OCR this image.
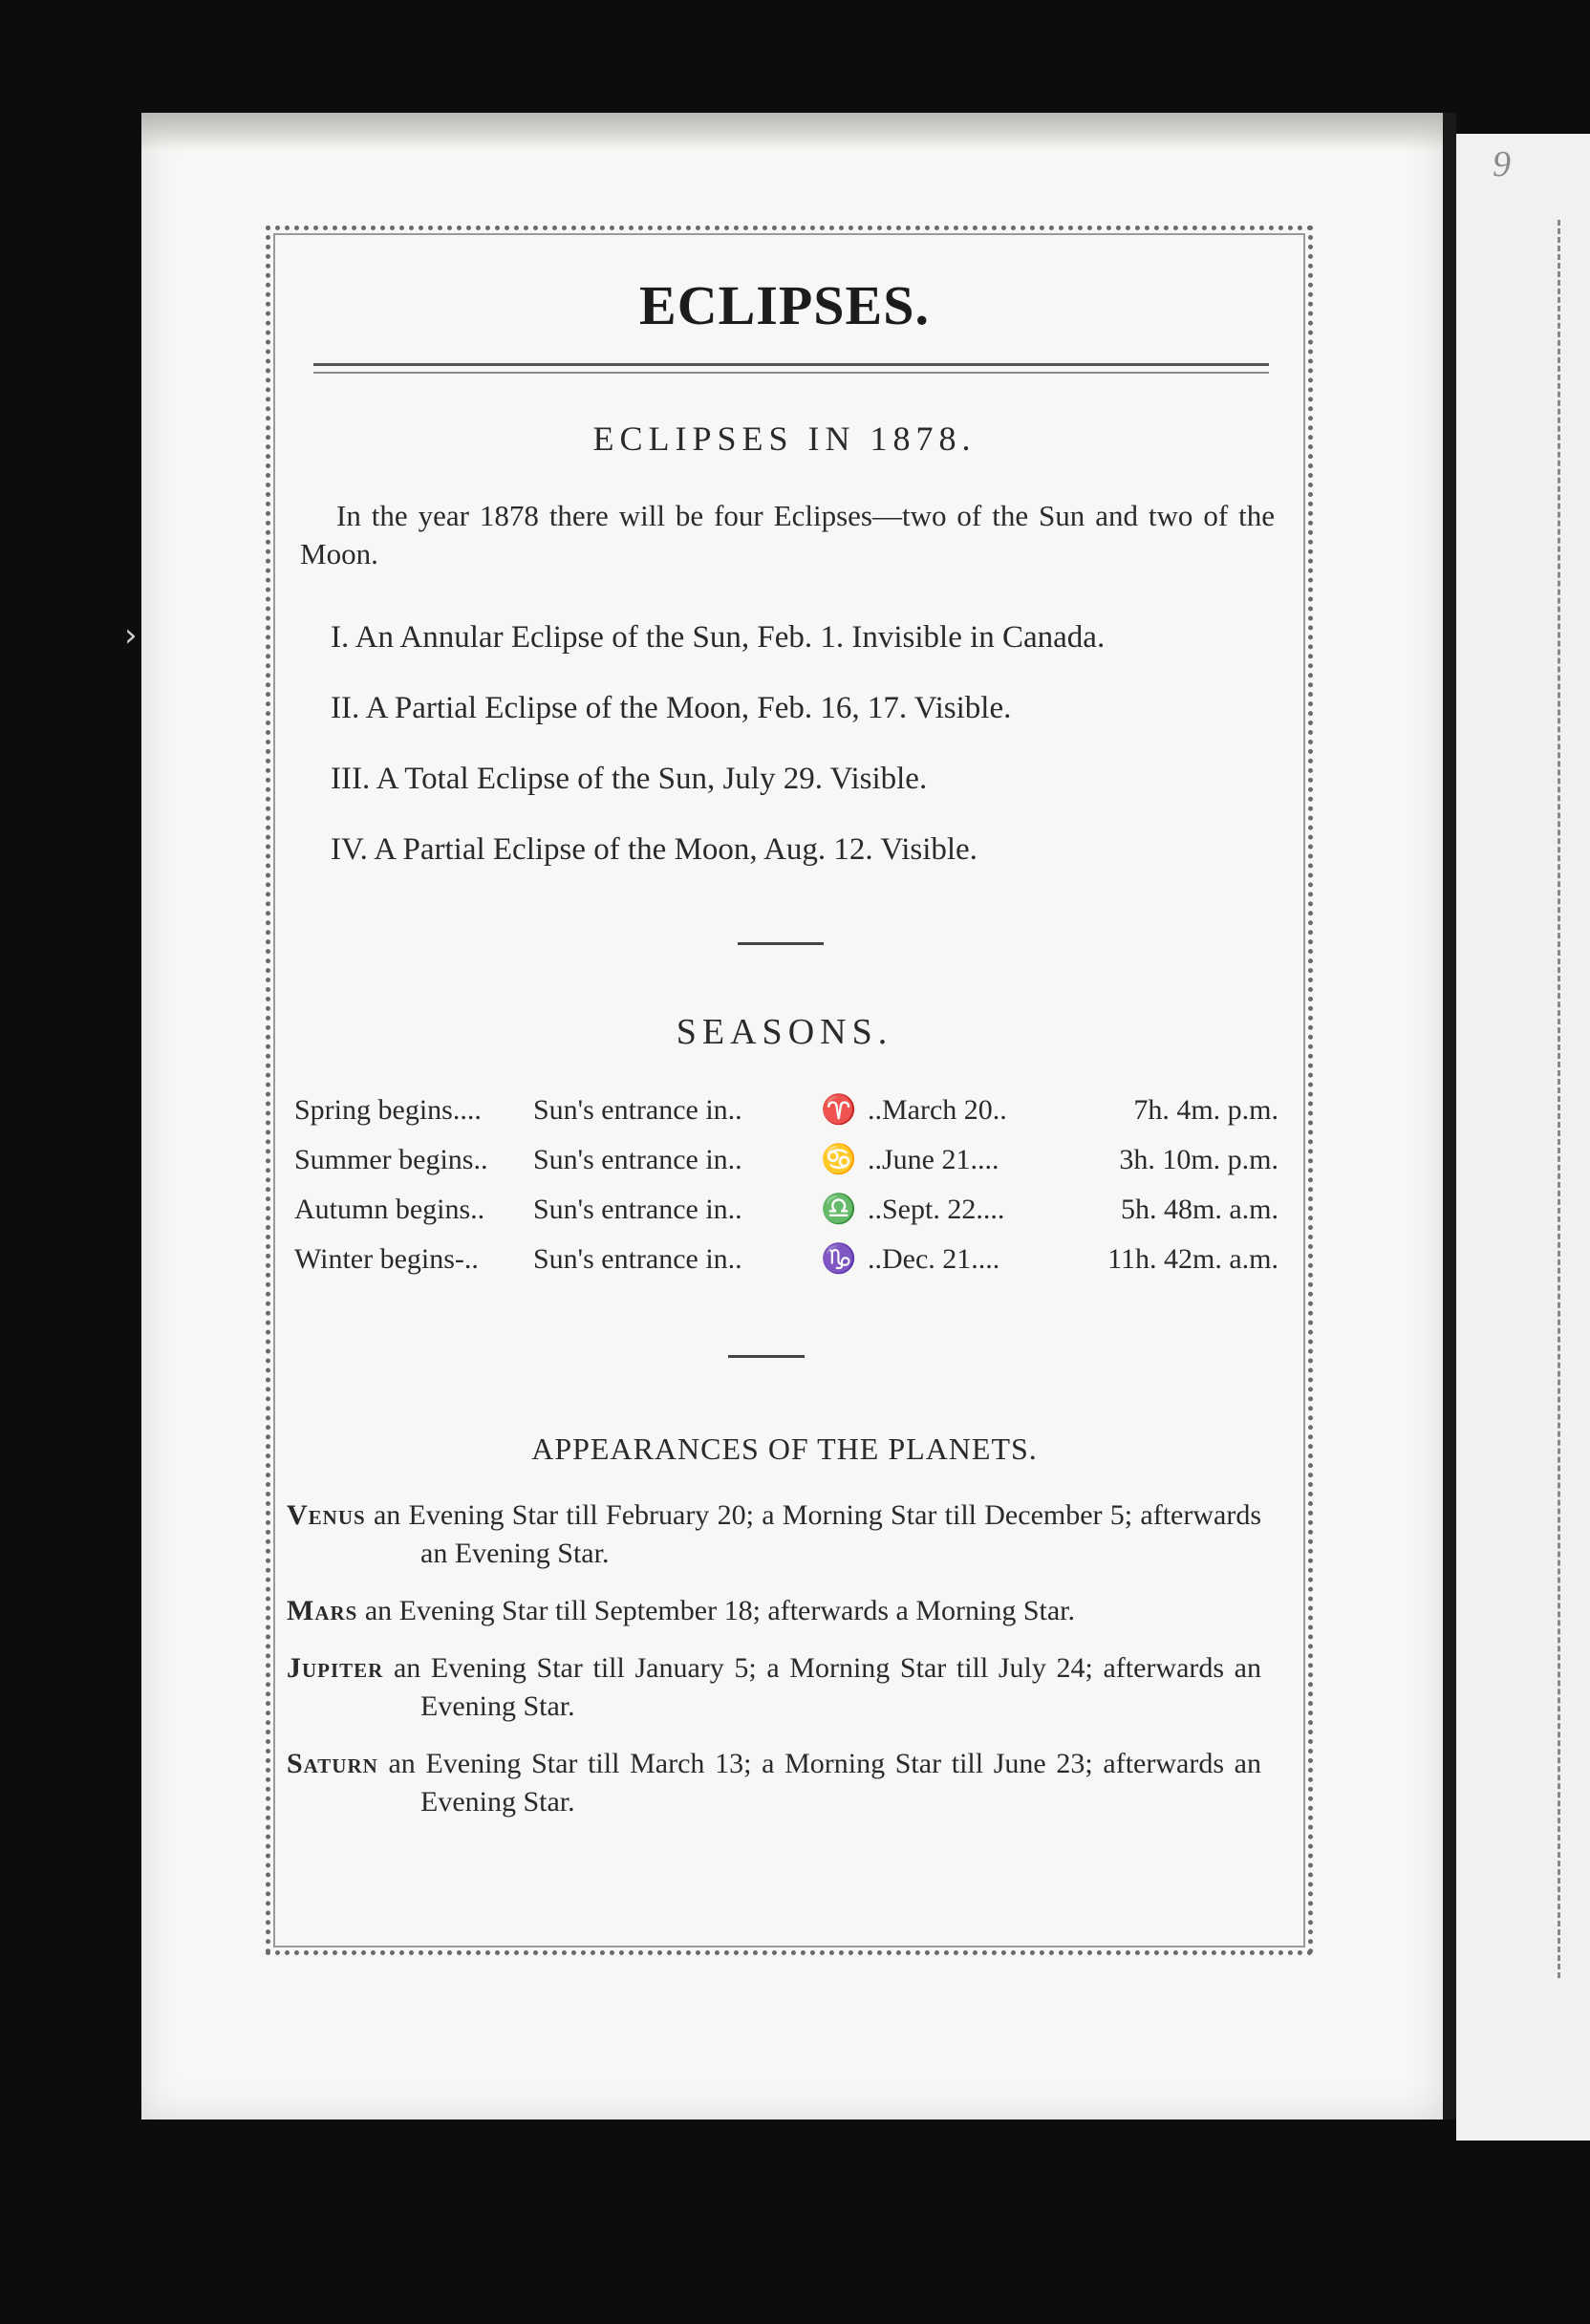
9
›
ECLIPSES.
ECLIPSES IN 1878.
In the year 1878 there will be four Eclipses—two of the Sun and two of the Moon.
I. An Annular Eclipse of the Sun, Feb. 1. Invisible in Canada.
II. A Partial Eclipse of the Moon, Feb. 16, 17. Visible.
III. A Total Eclipse of the Sun, July 29. Visible.
IV. A Partial Eclipse of the Moon, Aug. 12. Visible.
SEASONS.
Spring begins....	Sun's entrance in..	♈ ..March 20..	7h. 4m. p.m.
Summer begins..	Sun's entrance in..	♋ ..June 21....	3h. 10m. p.m.
Autumn begins..	Sun's entrance in..	♎ ..Sept. 22....	5h. 48m. a.m.
Winter begins-..	Sun's entrance in..	♑ ..Dec. 21....	11h. 42m. a.m.
APPEARANCES OF THE PLANETS.
Venus an Evening Star till February 20; a Morning Star till December 5; afterwards an Evening Star.
Mars an Evening Star till September 18; afterwards a Morning Star.
Jupiter an Evening Star till January 5; a Morning Star till July 24; afterwards an Evening Star.
Saturn an Evening Star till March 13; a Morning Star till June 23; afterwards an Evening Star.
